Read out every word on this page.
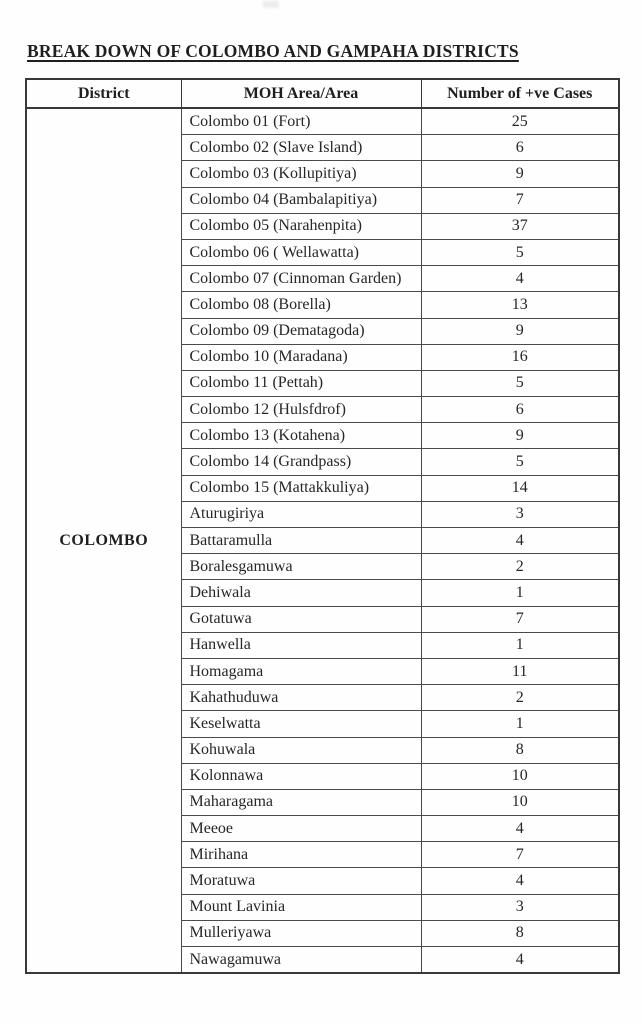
BREAK DOWN OF COLOMBO AND GAMPAHA DISTRICTS
District	MOH Area/Area	Number of +ve Cases
COLOMBO	Colombo 01 (Fort)	25
	Colombo 02 (Slave Island)	6
	Colombo 03 (Kollupitiya)	9
	Colombo 04 (Bambalapitiya)	7
	Colombo 05 (Narahenpita)	37
	Colombo 06 ( Wellawatta)	5
	Colombo 07 (Cinnoman Garden)	4
	Colombo 08 (Borella)	13
	Colombo 09 (Dematagoda)	9
	Colombo 10 (Maradana)	16
	Colombo 11 (Pettah)	5
	Colombo 12 (Hulsfdrof)	6
	Colombo 13 (Kotahena)	9
	Colombo 14 (Grandpass)	5
	Colombo 15 (Mattakkuliya)	14
	Aturugiriya	3
	Battaramulla	4
	Boralesgamuwa	2
	Dehiwala	1
	Gotatuwa	7
	Hanwella	1
	Homagama	11
	Kahathuduwa	2
	Keselwatta	1
	Kohuwala	8
	Kolonnawa	10
	Maharagama	10
	Meeoe	4
	Mirihana	7
	Moratuwa	4
	Mount Lavinia	3
	Mulleriyawa	8
	Nawagamuwa	4
